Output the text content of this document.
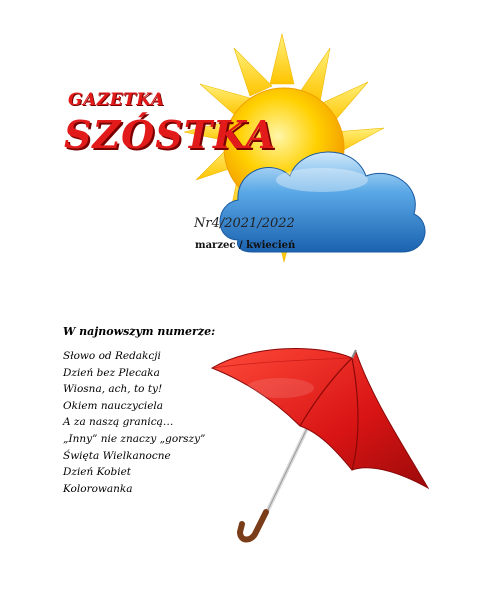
GAZETKA
SZÓSTKA
Nr4/2021/2022
marzec / kwiecień
W najnowszym numerze:
Słowo od Redakcji
Dzień bez Plecaka
Wiosna, ach, to ty!
Okiem nauczyciela
A za naszą granicą…
„Inny” nie znaczy „gorszy”
Święta Wielkanocne
Dzień Kobiet
Kolorowanka
